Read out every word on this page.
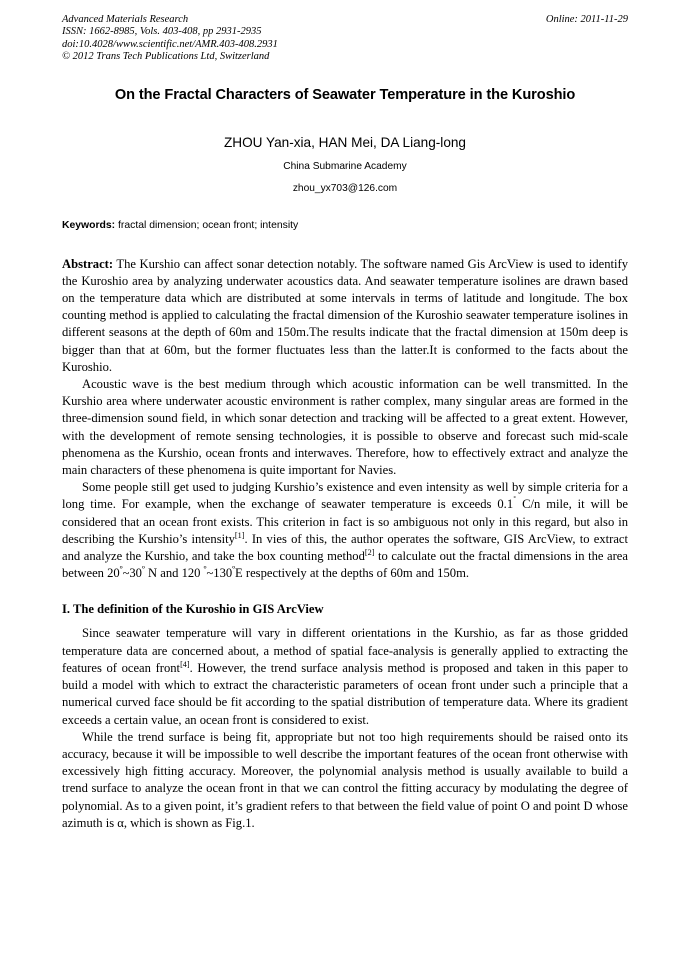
Advanced Materials Research
ISSN: 1662-8985, Vols. 403-408, pp 2931-2935
doi:10.4028/www.scientific.net/AMR.403-408.2931
© 2012 Trans Tech Publications Ltd, Switzerland
Online: 2011-11-29
On the Fractal Characters of Seawater Temperature in the Kuroshio
ZHOU Yan-xia, HAN Mei, DA Liang-long
China Submarine Academy
zhou_yx703@126.com
Keywords: fractal dimension; ocean front; intensity
Abstract: The Kurshio can affect sonar detection notably. The software named Gis ArcView is used to identify the Kuroshio area by analyzing underwater acoustics data. And seawater temperature isolines are drawn based on the temperature data which are distributed at some intervals in terms of latitude and longitude. The box counting method is applied to calculating the fractal dimension of the Kuroshio seawater temperature isolines in different seasons at the depth of 60m and 150m.The results indicate that the fractal dimension at 150m deep is bigger than that at 60m, but the former fluctuates less than the latter.It is conformed to the facts about the Kuroshio.
Acoustic wave is the best medium through which acoustic information can be well transmitted. In the Kurshio area where underwater acoustic environment is rather complex, many singular areas are formed in the three-dimension sound field, in which sonar detection and tracking will be affected to a great extent. However, with the development of remote sensing technologies, it is possible to observe and forecast such mid-scale phenomena as the Kurshio, ocean fronts and interwaves. Therefore, how to effectively extract and analyze the main characters of these phenomena is quite important for Navies.
Some people still get used to judging Kurshio’s existence and even intensity as well by simple criteria for a long time. For example, when the exchange of seawater temperature is exceeds 0.1˚ C/n mile, it will be considered that an ocean front exists. This criterion in fact is so ambiguous not only in this regard, but also in describing the Kurshio’s intensity[1]. In vies of this, the author operates the software, GIS ArcView, to extract and analyze the Kurshio, and take the box counting method[2] to calculate out the fractal dimensions in the area between $20^º\sim 30^º$ N and 120 $^º\sim 130^ºE$ respectively at the depths of 60m and 150m.
I. The definition of the Kuroshio in GIS ArcView
Since seawater temperature will vary in different orientations in the Kurshio, as far as those gridded temperature data are concerned about, a method of spatial face-analysis is generally applied to extracting the features of ocean front[4]. However, the trend surface analysis method is proposed and taken in this paper to build a model with which to extract the characteristic parameters of ocean front under such a principle that a numerical curved face should be fit according to the spatial distribution of temperature data. Where its gradient exceeds a certain value, an ocean front is considered to exist.
While the trend surface is being fit, appropriate but not too high requirements should be raised onto its accuracy, because it will be impossible to well describe the important features of the ocean front otherwise with excessively high fitting accuracy. Moreover, the polynomial analysis method is usually available to build a trend surface to analyze the ocean front in that we can control the fitting accuracy by modulating the degree of polynomial. As to a given point, it’s gradient refers to that between the field value of point O and point D whose azimuth is α, which is shown as Fig.1.
